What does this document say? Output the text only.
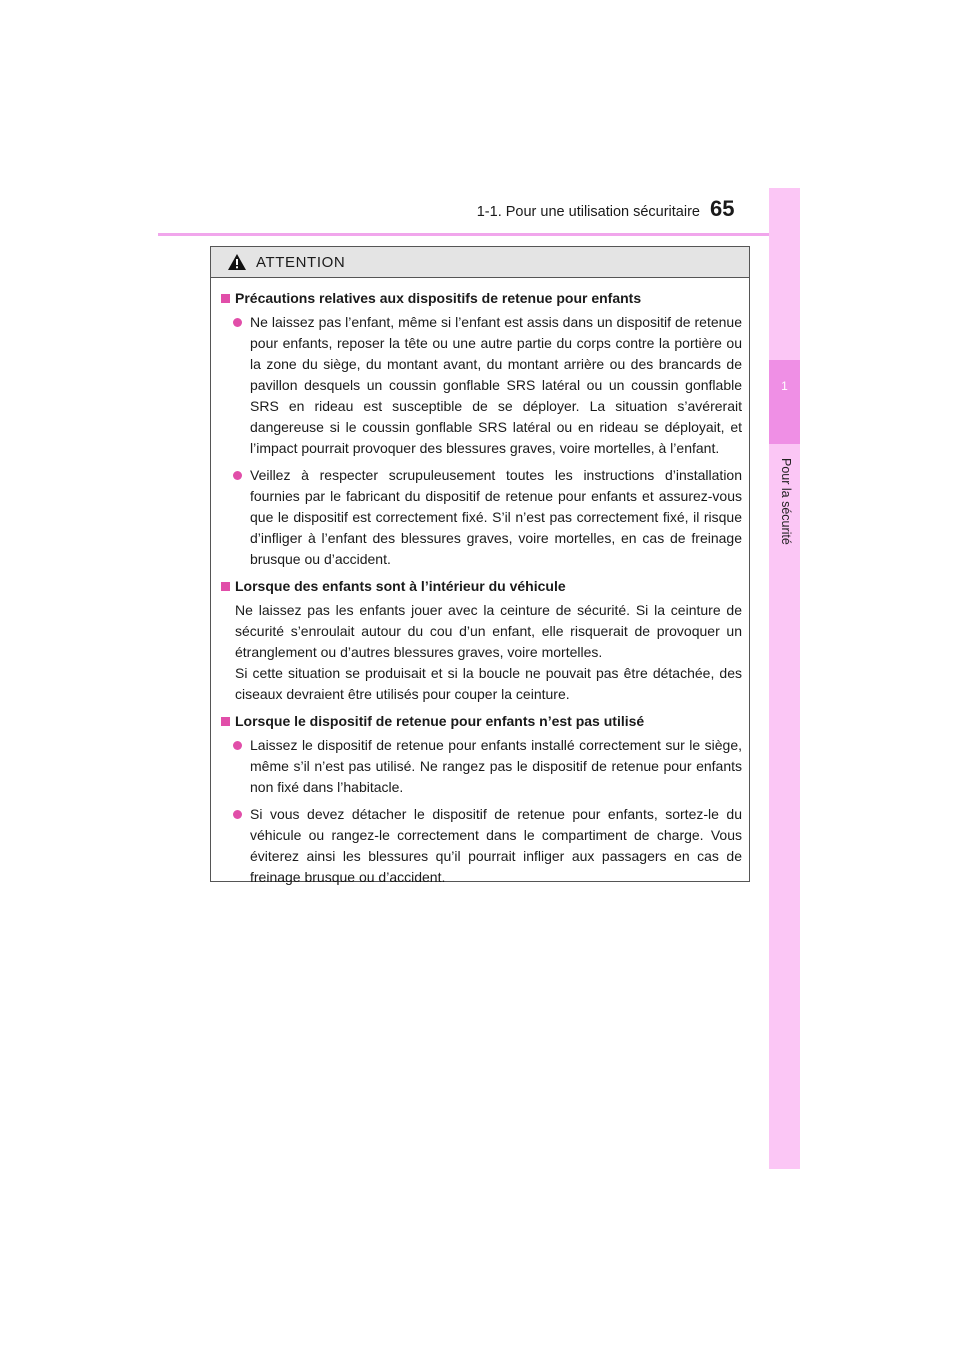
1-1. Pour une utilisation sécuritaire 65
1
Pour la sécurité
ATTENTION
Précautions relatives aux dispositifs de retenue pour enfants
Ne laissez pas l’enfant, même si l’enfant est assis dans un dispositif de retenue pour enfants, reposer la tête ou une autre partie du corps contre la portière ou la zone du siège, du montant avant, du montant arrière ou des brancards de pavillon desquels un coussin gonflable SRS latéral ou un coussin gonflable SRS en rideau est susceptible de se déployer. La situation s’avérerait dangereuse si le coussin gonflable SRS latéral ou en rideau se déployait, et l’impact pourrait provoquer des blessures graves, voire mortelles, à l’enfant.
Veillez à respecter scrupuleusement toutes les instructions d’installation fournies par le fabricant du dispositif de retenue pour enfants et assurez-vous que le dispositif est correctement fixé. S’il n’est pas correctement fixé, il risque d’infliger à l’enfant des blessures graves, voire mortelles, en cas de freinage brusque ou d’accident.
Lorsque des enfants sont à l’intérieur du véhicule
Ne laissez pas les enfants jouer avec la ceinture de sécurité. Si la ceinture de sécurité s’enroulait autour du cou d’un enfant, elle risquerait de provoquer un étranglement ou d’autres blessures graves, voire mortelles.
Si cette situation se produisait et si la boucle ne pouvait pas être détachée, des ciseaux devraient être utilisés pour couper la ceinture.
Lorsque le dispositif de retenue pour enfants n’est pas utilisé
Laissez le dispositif de retenue pour enfants installé correctement sur le siège, même s’il n’est pas utilisé. Ne rangez pas le dispositif de retenue pour enfants non fixé dans l’habitacle.
Si vous devez détacher le dispositif de retenue pour enfants, sortez-le du véhicule ou rangez-le correctement dans le compartiment de charge. Vous éviterez ainsi les blessures qu’il pourrait infliger aux passagers en cas de freinage brusque ou d’accident.
